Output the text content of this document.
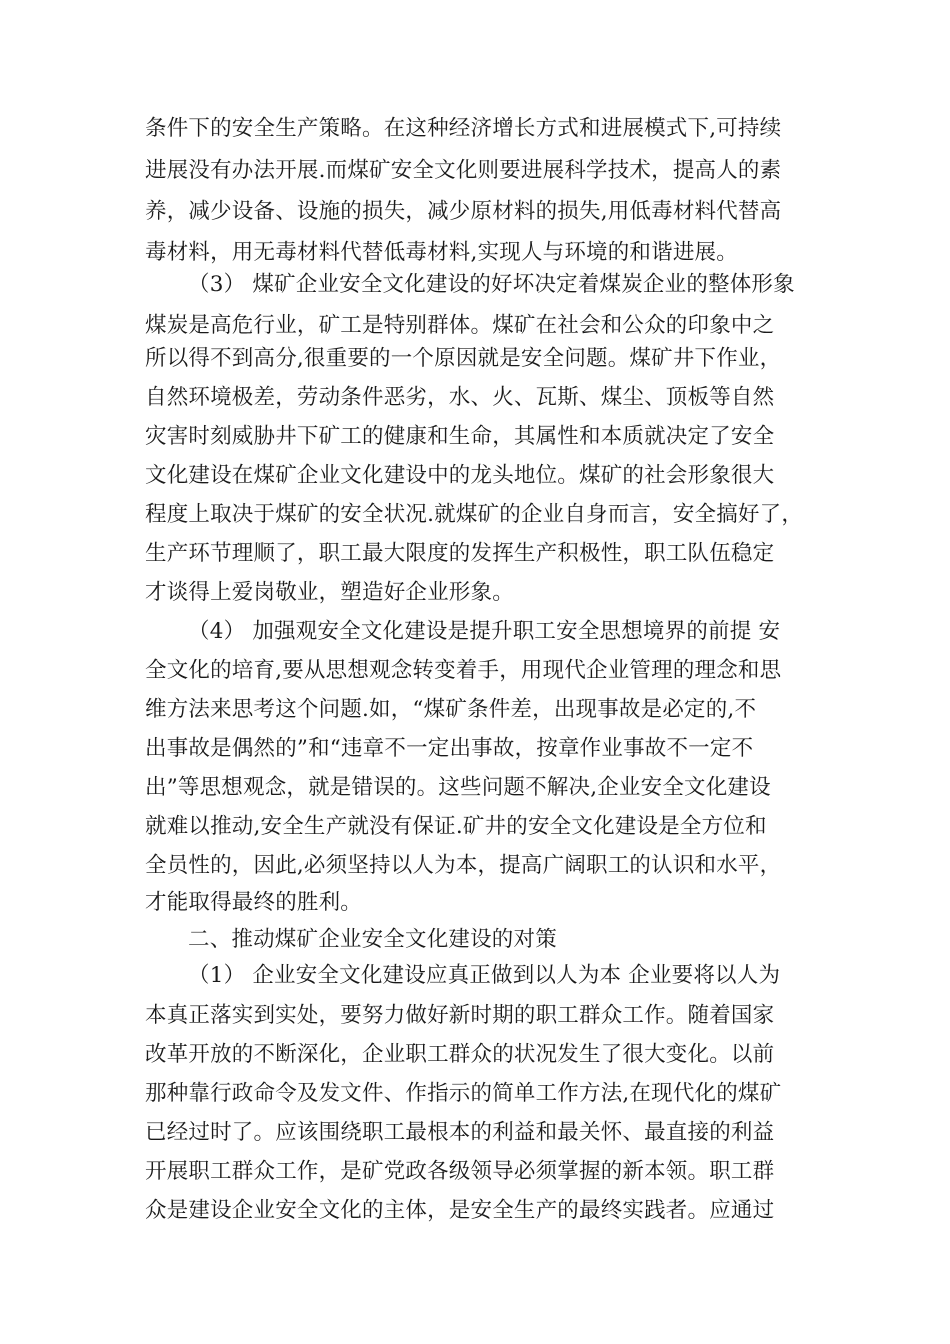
条件下的安全生产策略。在这种经济增长方式和进展模式下,可持续
进展没有办法开展.而煤矿安全文化则要进展科学技术，提高人的素
养，减少设备、设施的损失，减少原材料的损失,用低毒材料代替高
毒材料，用无毒材料代替低毒材料,实现人与环境的和谐进展。
（3） 煤矿企业安全文化建设的好坏决定着煤炭企业的整体形象
煤炭是高危行业，矿工是特别群体。煤矿在社会和公众的印象中之
所以得不到高分,很重要的一个原因就是安全问题。煤矿井下作业，
自然环境极差，劳动条件恶劣，水、火、瓦斯、煤尘、顶板等自然
灾害时刻威胁井下矿工的健康和生命，其属性和本质就决定了安全
文化建设在煤矿企业文化建设中的龙头地位。煤矿的社会形象很大
程度上取决于煤矿的安全状况.就煤矿的企业自身而言，安全搞好了，
生产环节理顺了，职工最大限度的发挥生产积极性，职工队伍稳定
才谈得上爱岗敬业，塑造好企业形象。
（4） 加强观安全文化建设是提升职工安全思想境界的前提 安
全文化的培育,要从思想观念转变着手，用现代企业管理的理念和思
维方法来思考这个问题.如，“煤矿条件差，出现事故是必定的,不
出事故是偶然的”和“违章不一定出事故，按章作业事故不一定不
出”等思想观念，就是错误的。这些问题不解决,企业安全文化建设
就难以推动,安全生产就没有保证.矿井的安全文化建设是全方位和
全员性的，因此,必须坚持以人为本，提高广阔职工的认识和水平，
才能取得最终的胜利。
二、推动煤矿企业安全文化建设的对策
（1） 企业安全文化建设应真正做到以人为本 企业要将以人为
本真正落实到实处，要努力做好新时期的职工群众工作。随着国家
改革开放的不断深化，企业职工群众的状况发生了很大变化。以前
那种靠行政命令及发文件、作指示的简单工作方法,在现代化的煤矿
已经过时了。应该围绕职工最根本的利益和最关怀、最直接的利益
开展职工群众工作，是矿党政各级领导必须掌握的新本领。职工群
众是建设企业安全文化的主体，是安全生产的最终实践者。应通过
